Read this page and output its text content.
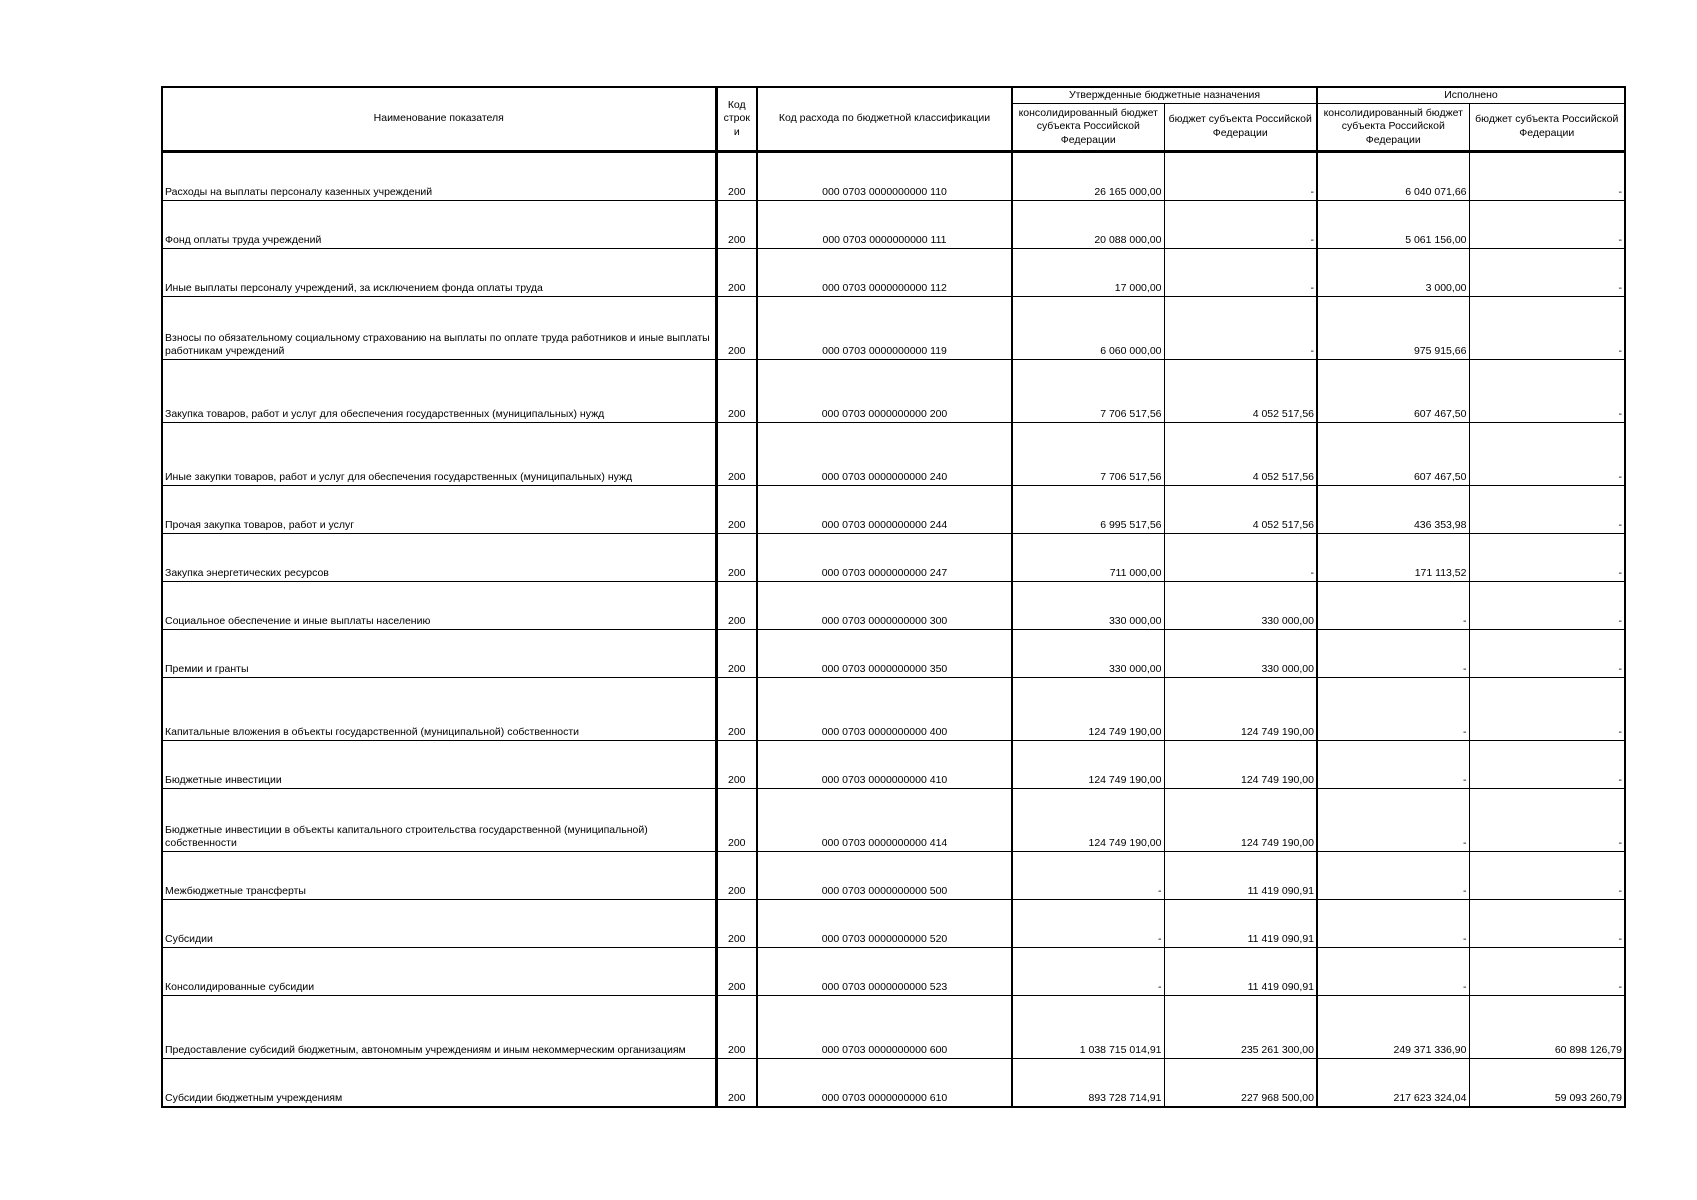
Наименование показателя	Код строк и	Код расхода по бюджетной классификации	Утвержденные бюджетные назначения		Исполнено	
			консолидированный бюджет субъекта Российской Федерации	бюджет субъекта Российской Федерации	консолидированный бюджет субъекта Российской Федерации	бюджет субъекта Российской Федерации
Расходы на выплаты персоналу казенных учреждений	200	000 0703 0000000000 110	26 165 000,00	-	6 040 071,66	-
Фонд оплаты труда учреждений	200	000 0703 0000000000 111	20 088 000,00	-	5 061 156,00	-
Иные выплаты персоналу учреждений, за исключением фонда оплаты труда	200	000 0703 0000000000 112	17 000,00	-	3 000,00	-
Взносы по обязательному социальному страхованию на выплаты по оплате труда работников и иные выплаты работникам учреждений	200	000 0703 0000000000 119	6 060 000,00	-	975 915,66	-
Закупка товаров, работ и услуг для обеспечения государственных (муниципальных) нужд	200	000 0703 0000000000 200	7 706 517,56	4 052 517,56	607 467,50	-
Иные закупки товаров, работ и услуг для обеспечения государственных (муниципальных) нужд	200	000 0703 0000000000 240	7 706 517,56	4 052 517,56	607 467,50	-
Прочая закупка товаров, работ и услуг	200	000 0703 0000000000 244	6 995 517,56	4 052 517,56	436 353,98	-
Закупка энергетических ресурсов	200	000 0703 0000000000 247	711 000,00	-	171 113,52	-
Социальное обеспечение и иные выплаты населению	200	000 0703 0000000000 300	330 000,00	330 000,00	-	-
Премии и гранты	200	000 0703 0000000000 350	330 000,00	330 000,00	-	-
Капитальные вложения в объекты государственной (муниципальной) собственности	200	000 0703 0000000000 400	124 749 190,00	124 749 190,00	-	-
Бюджетные инвестиции	200	000 0703 0000000000 410	124 749 190,00	124 749 190,00	-	-
Бюджетные инвестиции в объекты капитального строительства государственной (муниципальной) собственности	200	000 0703 0000000000 414	124 749 190,00	124 749 190,00	-	-
Межбюджетные трансферты	200	000 0703 0000000000 500	-	11 419 090,91	-	-
Субсидии	200	000 0703 0000000000 520	-	11 419 090,91	-	-
Консолидированные субсидии	200	000 0703 0000000000 523	-	11 419 090,91	-	-
Предоставление субсидий бюджетным, автономным учреждениям и иным некоммерческим организациям	200	000 0703 0000000000 600	1 038 715 014,91	235 261 300,00	249 371 336,90	60 898 126,79
Субсидии бюджетным учреждениям	200	000 0703 0000000000 610	893 728 714,91	227 968 500,00	217 623 324,04	59 093 260,79
